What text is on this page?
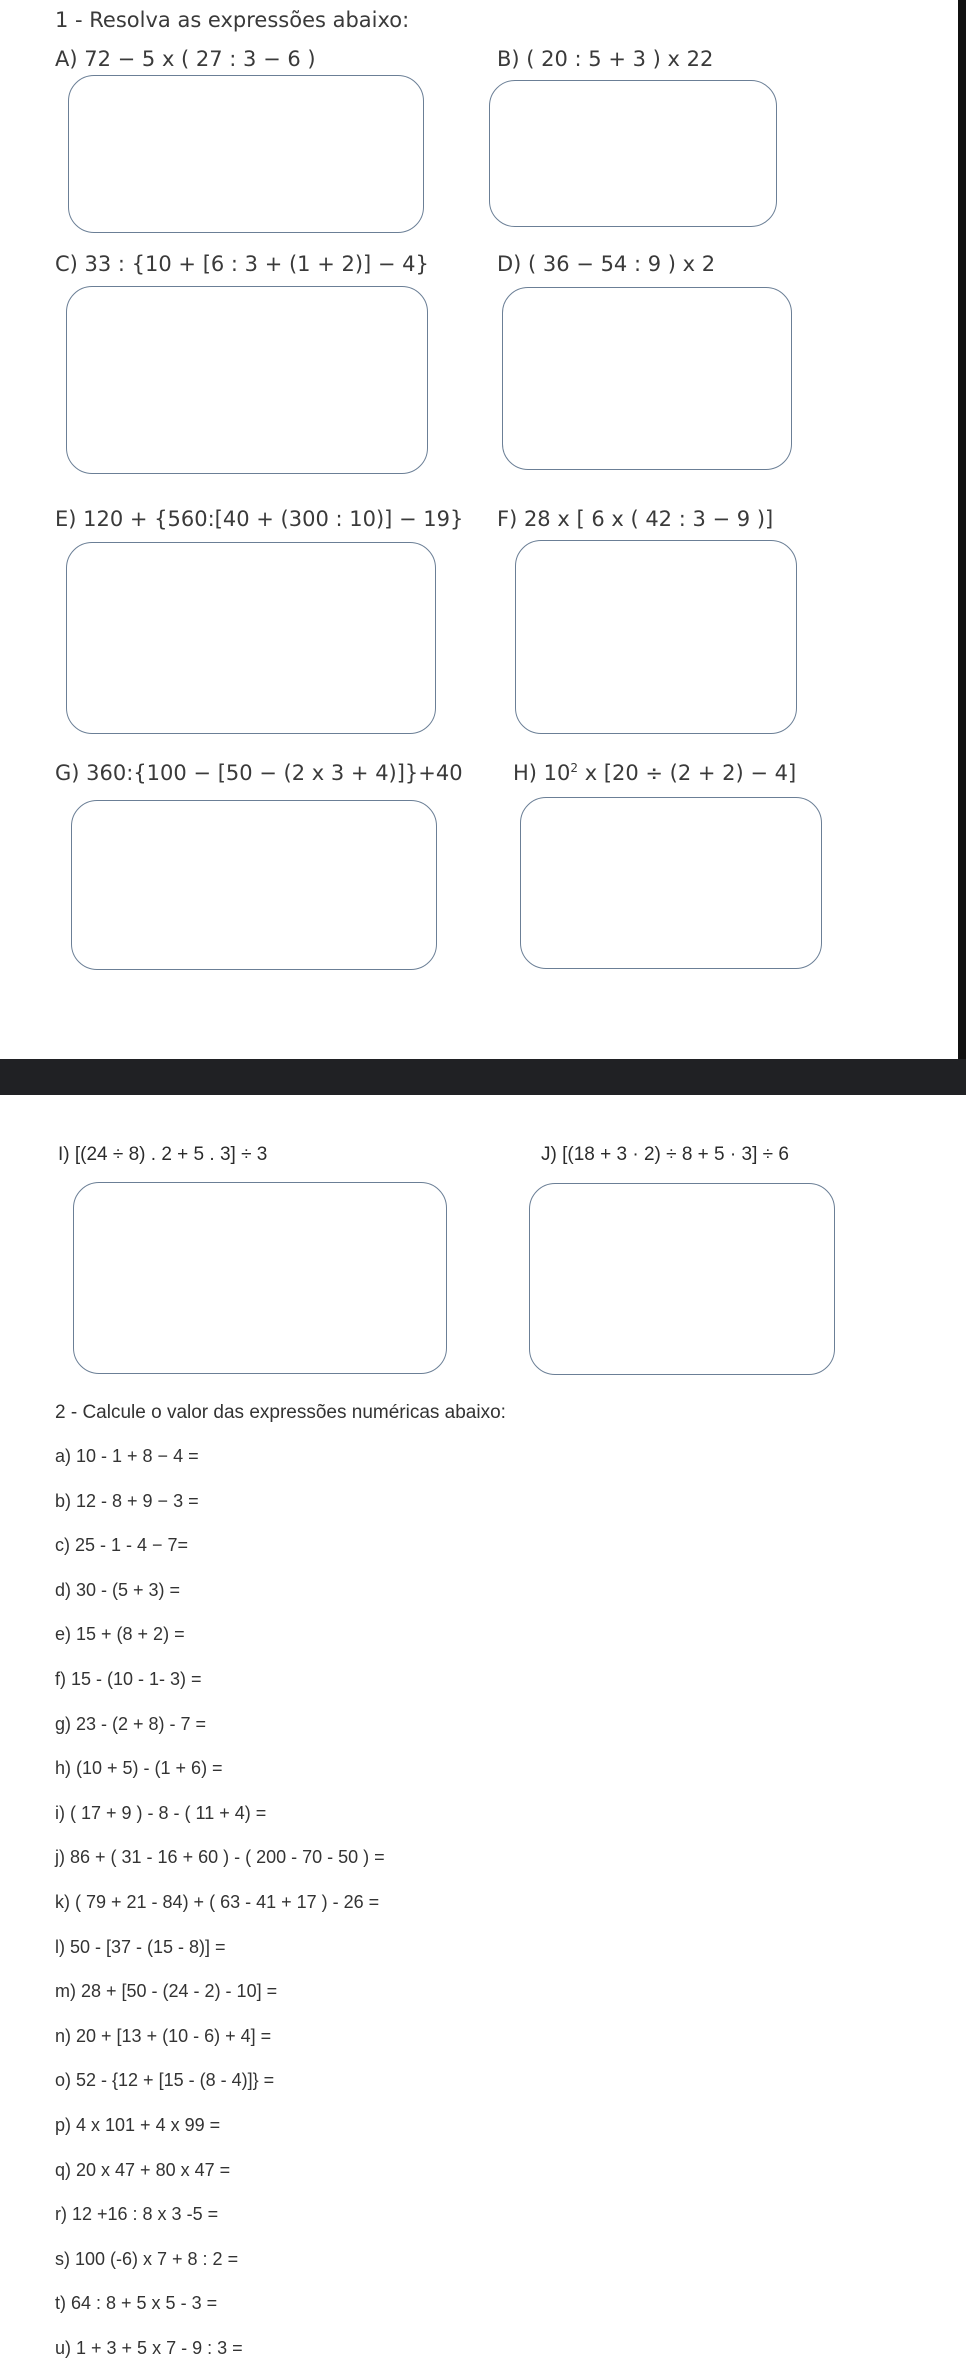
1 - Resolva as expressões abaixo:
A) 72 − 5 x ( 27 : 3 − 6 )	B) ( 20 : 5 + 3 ) x 22
C) 33 : {10 + [6 : 3 + (1 + 2)] − 4}	D) ( 36 − 54 : 9 ) x 2
E) 120 + {560:[40 + (300 : 10)] − 19} F) 28 x [ 6 x ( 42 : 3 − 9 )]
G) 360:{100 − [50 − (2 x 3 + 4)]}+40 H) $10^2$ x [20 ÷ (2 + 2) − 4]
I) [(24 ÷ 8) . 2 + 5 . 3] ÷ 3	J) [(18 + 3 · 2) ÷ 8 + 5 · 3] ÷ 6
2 - Calcule o valor das expressões numéricas abaixo:
a) 10 - 1 + 8 − 4 =
b) 12 - 8 + 9 − 3 =
c) 25 - 1 - 4 − 7=
d) 30 - (5 + 3) =
e) 15 + (8 + 2) =
f) 15 - (10 - 1- 3) =
g) 23 - (2 + 8) - 7 =
h) (10 + 5) - (1 + 6) =
i) ( 17 + 9 ) - 8 - ( 11 + 4) =
j) 86 + ( 31 - 16 + 60 ) - ( 200 - 70 - 50 ) =
k) ( 79 + 21 - 84) + ( 63 - 41 + 17 ) - 26 =
l) 50 - [37 - (15 - 8)] =
m) 28 + [50 - (24 - 2) - 10] =
n) 20 + [13 + (10 - 6) + 4] =
o) 52 - {12 + [15 - (8 - 4)]} =
p) 4 x 101 + 4 x 99 =
q) 20 x 47 + 80 x 47 =
r) 12 +16 : 8 x 3 -5 =
s) 100 (-6) x 7 + 8 : 2 =
t) 64 : 8 + 5 x 5 - 3 =
u) 1 + 3 + 5 x 7 - 9 : 3 =
